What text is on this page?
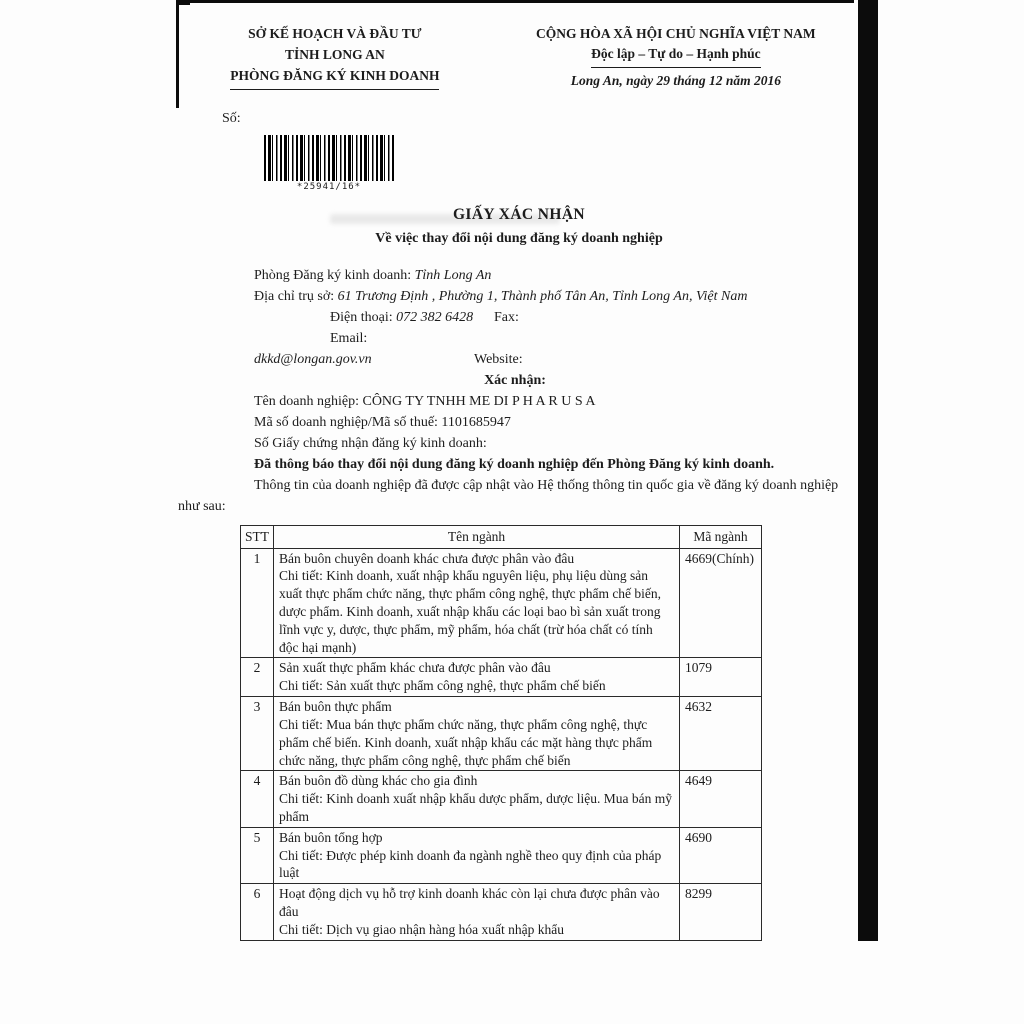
SỞ KẾ HOẠCH VÀ ĐẦU TƯ
TỈNH LONG AN
PHÒNG ĐĂNG KÝ KINH DOANH
CỘNG HÒA XÃ HỘI CHỦ NGHĨA VIỆT NAM
Độc lập – Tự do – Hạnh phúc
Long An, ngày 29 tháng 12 năm 2016
Số:
*25941/16*
GIẤY XÁC NHẬN
Về việc thay đổi nội dung đăng ký doanh nghiệp

Phòng Đăng ký kinh doanh: Tỉnh Long An

Địa chỉ trụ sở: 61 Trương Định , Phường 1, Thành phố Tân An, Tỉnh Long An, Việt Nam

Điện thoại: 072 382 6428 Fax:

Email: dkkd@longan.gov.vn	Website:

Xác nhận:

Tên doanh nghiệp: CÔNG TY TNHH ME DI P H A R U S A

Mã số doanh nghiệp/Mã số thuế: 1101685947

Số Giấy chứng nhận đăng ký kinh doanh:

Đã thông báo thay đổi nội dung đăng ký doanh nghiệp đến Phòng Đăng ký kinh doanh.

Thông tin của doanh nghiệp đã được cập nhật vào Hệ thống thông tin quốc gia về đăng ký doanh nghiệp như sau:

STT	Tên ngành	Mã ngành
1	Bán buôn chuyên doanh khác chưa được phân vào đâu
Chi tiết: Kinh doanh, xuất nhập khẩu nguyên liệu, phụ liệu dùng sản xuất thực phẩm chức năng, thực phẩm công nghệ, thực phẩm chế biến, dược phẩm. Kinh doanh, xuất nhập khẩu các loại bao bì sản xuất trong lĩnh vực y, dược, thực phẩm, mỹ phẩm, hóa chất (trừ hóa chất có tính độc hại mạnh)	4669(Chính)
2	Sản xuất thực phẩm khác chưa được phân vào đâu
Chi tiết: Sản xuất thực phẩm công nghệ, thực phẩm chế biến	1079
3	Bán buôn thực phẩm
Chi tiết: Mua bán thực phẩm chức năng, thực phẩm công nghệ, thực phẩm chế biến. Kinh doanh, xuất nhập khẩu các mặt hàng thực phẩm chức năng, thực phẩm công nghệ, thực phẩm chế biến	4632
4	Bán buôn đồ dùng khác cho gia đình
Chi tiết: Kinh doanh xuất nhập khẩu dược phẩm, dược liệu. Mua bán mỹ phẩm	4649
5	Bán buôn tổng hợp
Chi tiết: Được phép kinh doanh đa ngành nghề theo quy định của pháp luật	4690
6	Hoạt động dịch vụ hỗ trợ kinh doanh khác còn lại chưa được phân vào đâu
Chi tiết: Dịch vụ giao nhận hàng hóa xuất nhập khẩu	8299
